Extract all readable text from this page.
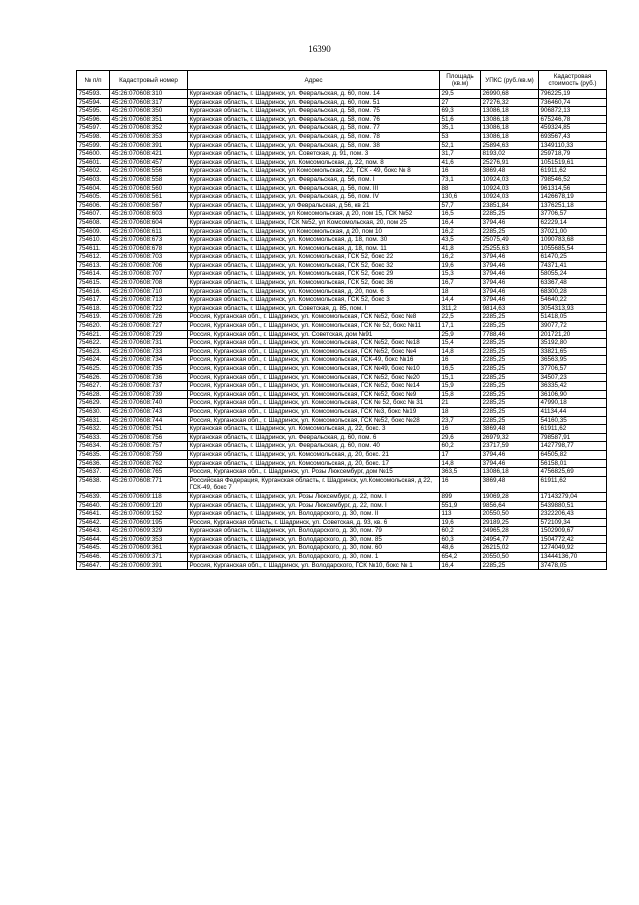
16390
№ п/п	Кадастровый номер	Адрес	Площадь (кв.м)	УПКС (руб./кв.м)	Кадастровая стоимость (руб.)
754593.	45:26:070608:310	Курганская область, г. Шадринск, ул. Февральская, д. 60, пом. 14	29,5	26990,68	796225,19
754594.	45:26:070608:317	Курганская область, г. Шадринск, ул. Февральская, д. 60, пом. 51	27	27276,32	736460,74
754595.	45:26:070608:350	Курганская область, г. Шадринск, ул. Февральская, д. 58, пом. 75	69,3	13086,18	906872,13
754596.	45:26:070608:351	Курганская область, г. Шадринск, ул. Февральская, д. 58, пом. 76	51,6	13086,18	675246,78
754597.	45:26:070608:352	Курганская область, г. Шадринск, ул. Февральская, д. 58, пом. 77	35,1	13086,18	459324,85
754598.	45:26:070608:353	Курганская область, г. Шадринск, ул. Февральская, д. 58, пом. 78	53	13086,18	693567,43
754599.	45:26:070608:391	Курганская область, г. Шадринск, ул. Февральская, д. 58, пом. 38	52,1	25894,63	1349110,33
754600.	45:26:070608:421	Курганская область, г. Шадринск, ул. Советская, д. 91, пом. 3	31,7	8193,02	259718,79
754601.	45:26:070608:457	Курганская область, г. Шадринск, ул. Комсомольская, д. 22, пом. 8	41,6	25276,91	1051519,61
754602.	45:26:070608:556	Курганская область, г. Шадринск, ул Комсомольская, 22, ГСК - 49, бокс № 8	16	3869,48	61911,62
754603.	45:26:070608:558	Курганская область, г. Шадринск, ул. Февральская, д. 56, пом. I	73,1	10924,03	798546,52
754604.	45:26:070608:560	Курганская область, г. Шадринск, ул. Февральская, д. 56, пом. III	88	10924,03	961314,56
754605.	45:26:070608:561	Курганская область, г. Шадринск, ул. Февральская, д. 56, пом. IV	130,6	10924,03	1426678,19
754606.	45:26:070608:567	Курганская область, г. Шадринск, ул Февральская, д 56, кв 21	57,7	23851,84	1376251,18
754607.	45:26:070608:603	Курганская область, г. Шадринск, ул Комсомольская, д 20, пом 15, ГСК №52	16,5	2285,25	37706,57
754608.	45:26:070608:604	Курганская область, г. Шадринск, ГСК №52, ул Комсомольская, 20, пом 25	16,4	3794,46	62229,14
754609.	45:26:070608:611	Курганская область, г. Шадринск, ул Комсомольская, д 20, пом 10	16,2	2285,25	37021,00
754610.	45:26:070608:673	Курганская область, г. Шадринск, ул. Комсомольская, д. 18, пом. 30	43,5	25075,49	1090783,68
754611.	45:26:070608:678	Курганская область, г. Шадринск, ул. Комсомольская, д. 18, пом. 11	41,8	25255,63	1055685,54
754612.	45:26:070608:703	Курганская область, г. Шадринск, ул. Комсомольская, ГСК 52, бокс 22	16,2	3794,46	61470,25
754613.	45:26:070608:706	Курганская область, г. Шадринск, ул. Комсомольская, ГСК 52, бокс 32	19,6	3794,46	74371,41
754614.	45:26:070608:707	Курганская область, г. Шадринск, ул. Комсомольская, ГСК 52, бокс 29	15,3	3794,46	58055,24
754615.	45:26:070608:708	Курганская область, г. Шадринск, ул. Комсомольская, ГСК 52, бокс 36	16,7	3794,46	63367,48
754616.	45:26:070608:710	Курганская область, г. Шадринск, ул. Комсомольская, д. 20, пом. 6	18	3794,46	68300,28
754617.	45:26:070608:713	Курганская область, г. Шадринск, ул. Комсомольская, ГСК 52, бокс 3	14,4	3794,46	54640,22
754618.	45:26:070608:722	Курганская область, г. Шадринск, ул. Советская, д. 85, пом. I	311,2	9814,63	3054313,93
754619.	45:26:070608:726	Россия, Курганская обл., г. Шадринск, ул. Комсомольская, ГСК №52, бокс №8	22,5	2285,25	51418,05
754620.	45:26:070608:727	Россия, Курганская обл., г. Шадринск, ул. Комсомольская, ГСК № 52, бокс №11	17,1	2285,25	39077,72
754621.	45:26:070608:729	Россия, Курганская обл., г. Шадринск, ул. Советская, дом №91	25,9	7788,46	201721,20
754622.	45:26:070608:731	Россия, Курганская обл., г. Шадринск, ул. Комсомольская, ГСК №52, бокс №18	15,4	2285,25	35192,80
754623.	45:26:070608:733	Россия, Курганская обл., г. Шадринск, ул. Комсомольская, ГСК №52, бокс №4	14,8	2285,25	33821,65
754624.	45:26:070608:734	Россия, Курганская обл., г. Шадринск, ул. Комсомольская, ГСК-49, бокс №16	16	2285,25	36563,95
754625.	45:26:070608:735	Россия, Курганская обл., г. Шадринск, ул. Комсомольская, ГСК №49, бокс №10	16,5	2285,25	37706,57
754626.	45:26:070608:736	Россия, Курганская обл., г. Шадринск, ул. Комсомольская, ГСК №52, бокс №20	15,1	2285,25	34507,23
754627.	45:26:070608:737	Россия, Курганская обл., г. Шадринск, ул. Комсомольская, ГСК №52, бокс №14	15,9	2285,25	36335,42
754628.	45:26:070608:739	Россия, Курганская обл., г. Шадринск, ул. Комсомольская, ГСК №52, бокс №9	15,8	2285,25	36106,90
754629.	45:26:070608:740	Россия, Курганская обл., г. Шадринск, ул. Комсомольская, ГСК № 52, бокс № 31	21	2285,25	47990,18
754630.	45:26:070608:743	Россия, Курганская обл., г. Шадринск, ул. Комсомольская, ГСК №3, бокс №19	18	2285,25	41134,44
754631.	45:26:070608:744	Россия, Курганская обл., г. Шадринск, ул. Комсомольская, ГСК №52, бокс №28	23,7	2285,25	54160,35
754632.	45:26:070608:751	Курганская область, г. Шадринск, ул. Комсомольская, д. 22, бокс. 3	16	3869,48	61911,62
754633.	45:26:070608:756	Курганская область, г. Шадринск, ул. Февральская, д. 60, пом. 6	29,6	26979,32	798587,91
754634.	45:26:070608:757	Курганская область, г. Шадринск, ул. Февральская, д. 60, пом. 40	60,2	23717,59	1427798,77
754635.	45:26:070608:759	Курганская область, г. Шадринск, ул. Комсомольская, д. 20, бокс. 21	17	3794,46	64505,82
754636.	45:26:070608:762	Курганская область, г. Шадринск, ул. Комсомольская, д. 20, бокс. 17	14,8	3794,46	56158,01
754637.	45:26:070608:765	Россия, Курганская обл., г. Шадринск, ул. Розы Люксембург, дом №15	363,5	13086,18	4756825,69
754638.	45:26:070608:771	Российская Федерация, Курганская область, г. Шадринск, ул.Комсомольская, д 22, ГСК-49, бокс 7	16	3869,48	61911,62
754639.	45:26:070609:118	Курганская область, г. Шадринск, ул. Розы Люксембург, д. 22, пом. I	899	19069,28	17143279,04
754640.	45:26:070609:120	Курганская область, г. Шадринск, ул. Розы Люксембург, д. 22, пом. I	551,9	9856,64	5439880,51
754641.	45:26:070609:152	Курганская область, г. Шадринск, ул. Володарского, д. 30, пом. II	113	20550,50	2322206,43
754642.	45:26:070609:195	Россия, Курганская область, г. Шадринск, ул. Советская, д. 93, кв. 6	19,6	29189,25	572109,34
754643.	45:26:070609:329	Курганская область, г. Шадринск, ул. Володарского, д. 30, пом. 79	60,2	24965,28	1502909,67
754644.	45:26:070609:353	Курганская область, г. Шадринск, ул. Володарского, д. 30, пом. 85	60,3	24954,77	1504772,42
754645.	45:26:070609:361	Курганская область, г. Шадринск, ул. Володарского, д. 30, пом. 60	48,6	26215,02	1274049,92
754646.	45:26:070609:371	Курганская область, г. Шадринск, ул. Володарского, д. 30, пом. 1	654,2	20550,50	13444136,70
754647.	45:26:070609:391	Россия, Курганская обл., г. Шадринск, ул. Володарского, ГСК №10, бокс № 1	16,4	2285,25	37478,05
